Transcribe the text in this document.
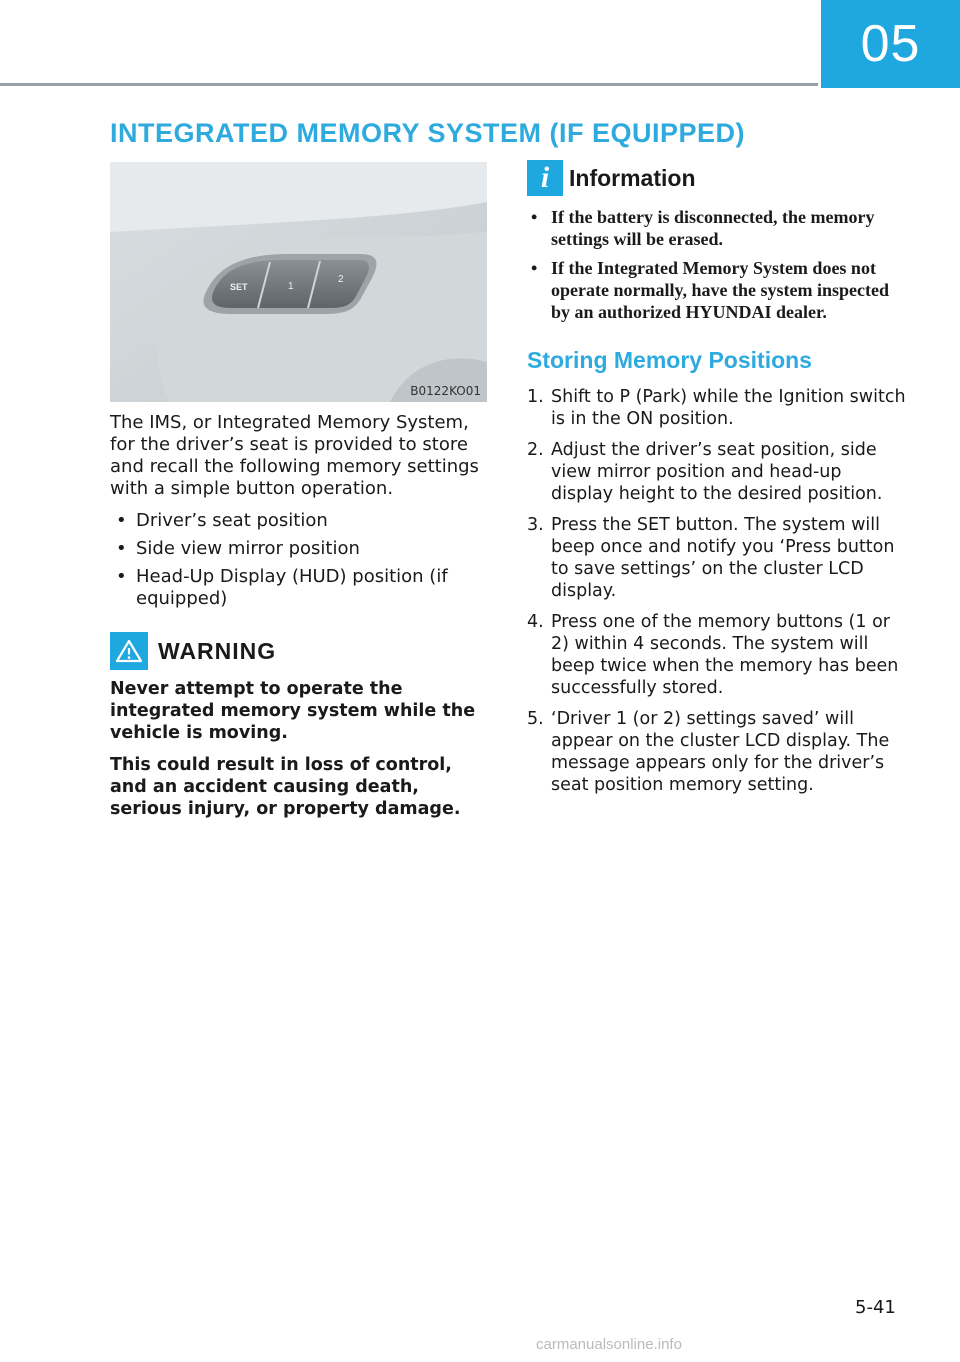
05
INTEGRATED MEMORY SYSTEM (IF EQUIPPED)
SET	1
2
B0122KO01

The IMS, or Integrated Memory System, for the driver’s seat is provided to store and recall the following memory settings with a simple button operation.

• Driver’s seat position
• Side view mirror position
• Head-Up Display (HUD) position (if equipped)
WARNING

Never attempt to operate the integrated memory system while the vehicle is moving.

This could result in loss of control, and an accident causing death, serious injury, or property damage.

i Information
• If the battery is disconnected, the memory settings will be erased.
• If the Integrated Memory System does not operate normally, have the system inspected by an authorized HYUNDAI dealer.
Storing Memory Positions
1. Shift to P (Park) while the Ignition switch is in the ON position.
2. Adjust the driver’s seat position, side view mirror position and head-up display height to the desired position.
3. Press the SET button. The system will beep once and notify you ‘Press button to save settings’ on the cluster LCD display.
4. Press one of the memory buttons (1 or 2) within 4 seconds. The system will beep twice when the memory has been successfully stored.
5. ‘Driver 1 (or 2) settings saved’ will appear on the cluster LCD display. The message appears only for the driver’s seat position memory setting.
5-41
carmanualsonline.info
